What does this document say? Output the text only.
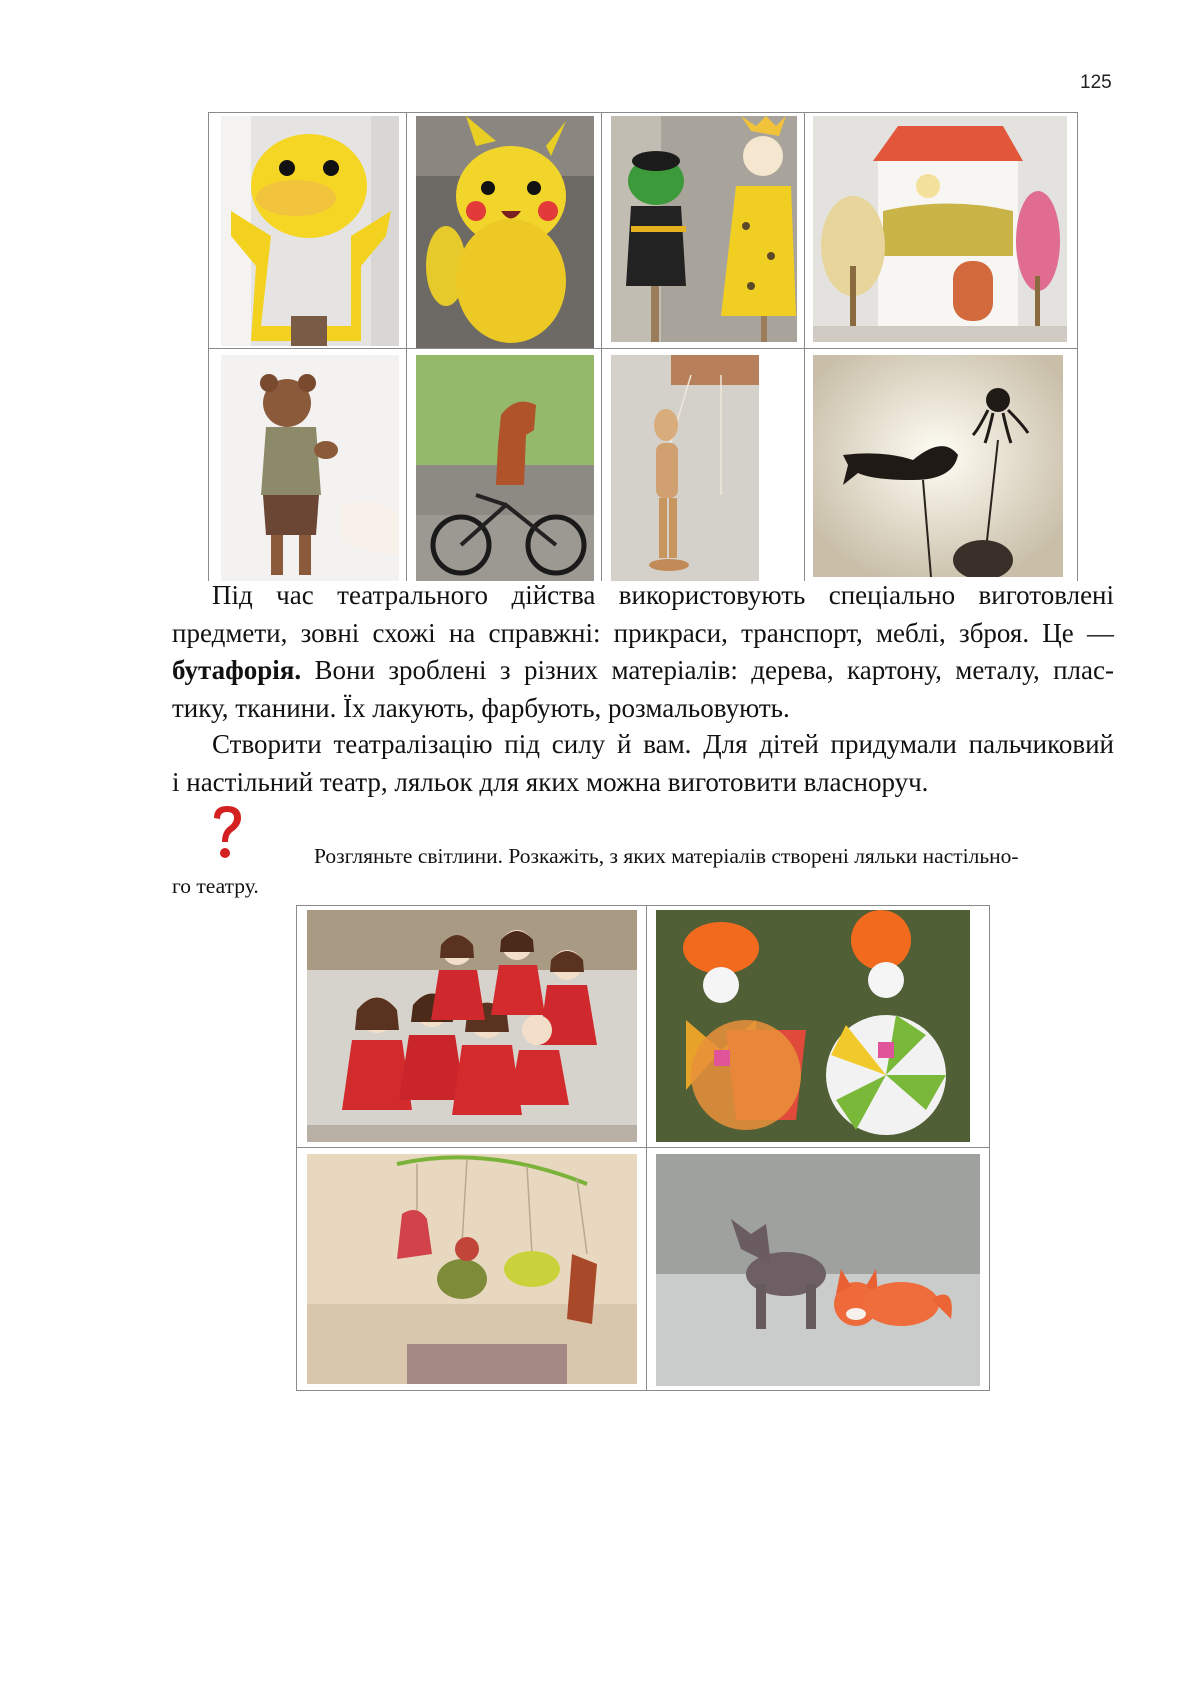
125

Під час театрального дійства використовують спеціально виготовлені
предмети, зовні схожі на справжні: прикраси, транспорт, меблі, зброя. Це —
бутафорія. Вони зроблені з різних матеріалів: дерева, картону, металу, плас-
тику, тканини. Їх лакують, фарбують, розмальовують.

Створити театралізацію під силу й вам. Для дітей придумали пальчиковий
і настільний театр, ляльок для яких можна виготовити власноруч.

Розгляньте світлини. Розкажіть, з яких матеріалів створені ляльки настільно-
го театру.
